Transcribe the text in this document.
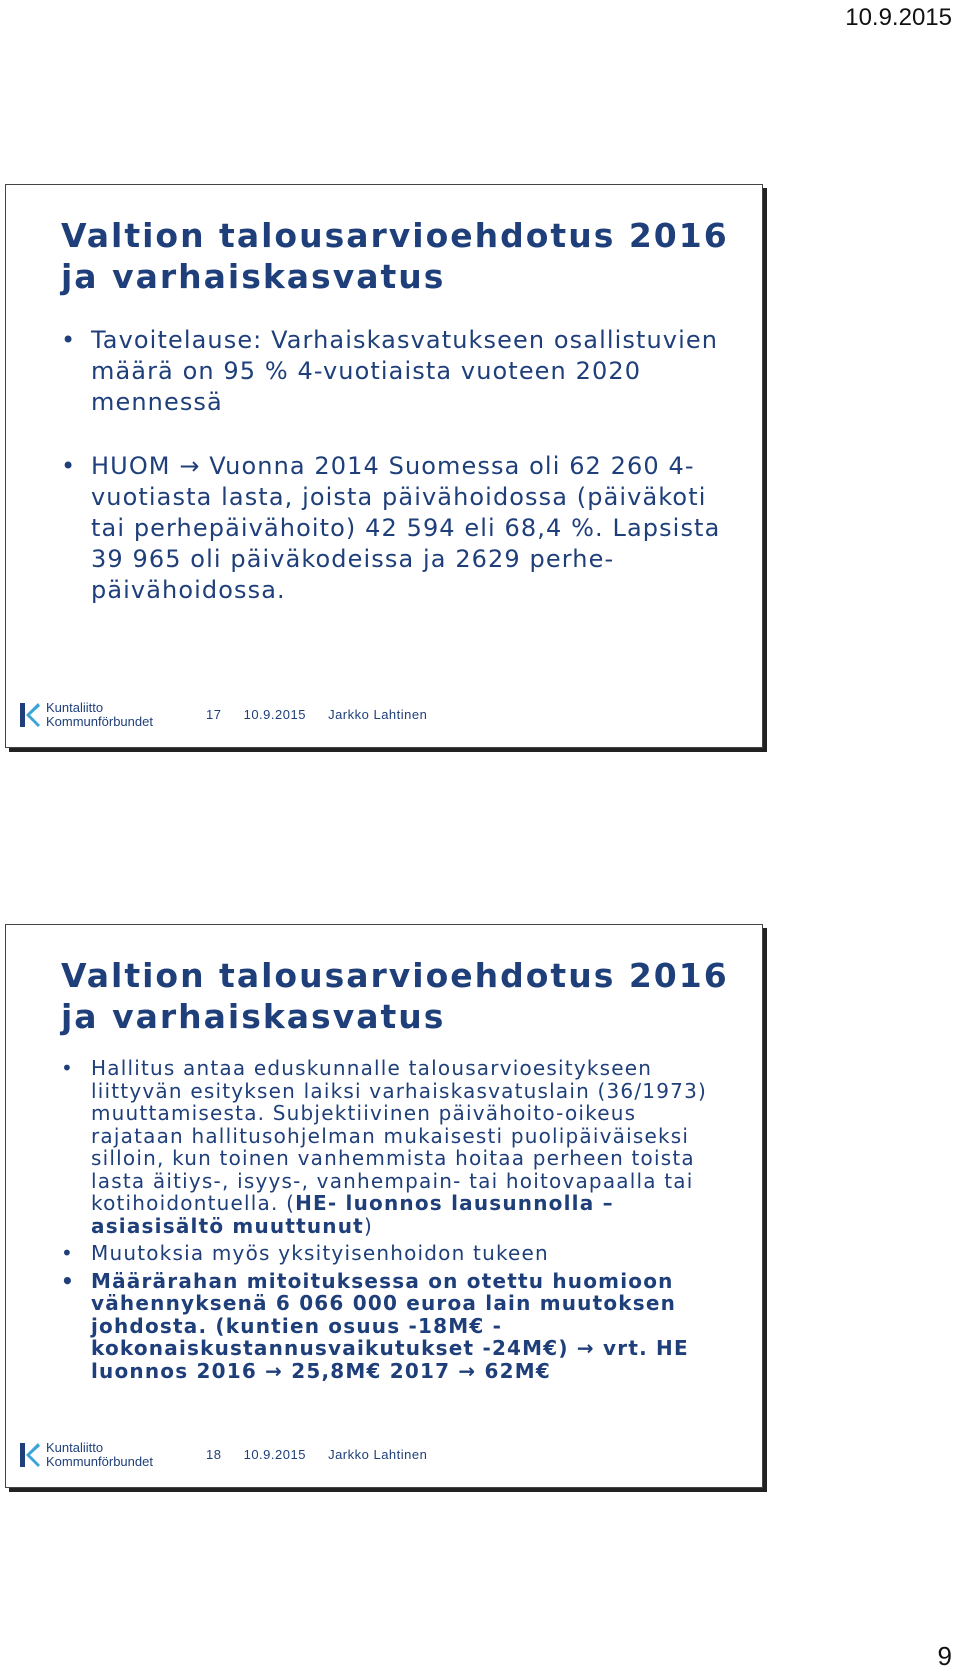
10.9.2015
Valtion talousarvioehdotus 2016
ja varhaiskasvatus
• Tavoitelause: Varhaiskasvatukseen osallistuvien määrä on 95 % 4-vuotiaista vuoteen 2020 mennessä
• HUOM → Vuonna 2014 Suomessa oli 62 260 4-vuotiasta lasta, joista päivähoidossa (päiväkoti tai perhepäivähoito) 42 594 eli 68,4 %. Lapsista 39 965 oli päiväkodeissa ja 2629 perhe-päivähoidossa.
Kuntaliitto
Kommunförbundet	17 10.9.2015 Jarkko Lahtinen
Valtion talousarvioehdotus 2016
ja varhaiskasvatus
• Hallitus antaa eduskunnalle talousarvioesitykseen liittyvän esityksen laiksi varhaiskasvatuslain (36/1973) muuttamisesta. Subjektiivinen päivähoito-oikeus rajataan hallitusohjelman mukaisesti puolipäiväiseksi silloin, kun toinen vanhemmista hoitaa perheen toista lasta äitiys-, isyys-, vanhempain- tai hoitovapaalla tai kotihoidontuella. (HE- luonnos lausunnolla – asiasisältö muuttunut)
• Muutoksia myös yksityisenhoidon tukeen
• Määrärahan mitoituksessa on otettu huomioon vähennyksenä 6 066 000 euroa lain muutoksen johdosta. (kuntien osuus -18M€ - kokonaiskustannusvaikutukset -24M€) → vrt. HE luonnos 2016 → 25,8M€ 2017 → 62M€
Kuntaliitto
Kommunförbundet	18 10.9.2015 Jarkko Lahtinen
9
